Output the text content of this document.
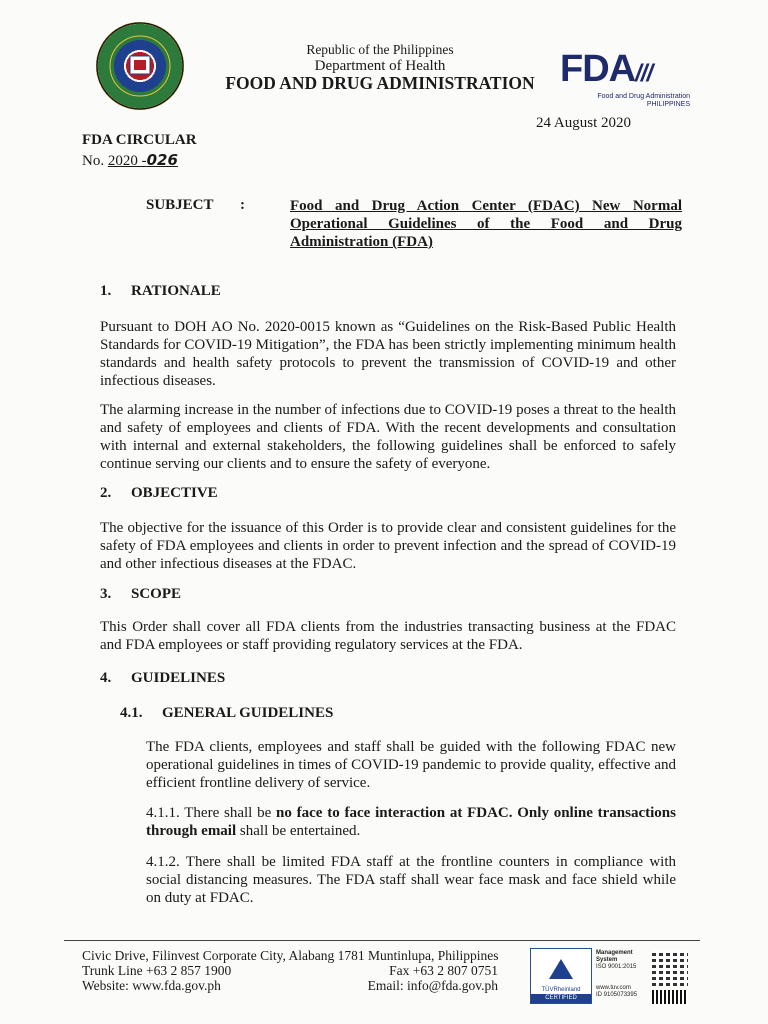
Republic of the Philippines
Department of Health
FOOD AND DRUG ADMINISTRATION FDA///
Food and Drug Administration
PHILIPPINES
24 August 2020
FDA CIRCULAR
No. 2020 -026
SUBJECT :	Food and Drug Action Center (FDAC) New Normal Operational Guidelines of the Food and Drug Administration (FDA)
1. RATIONALE
Pursuant to DOH AO No. 2020-0015 known as “Guidelines on the Risk-Based Public Health Standards for COVID-19 Mitigation”, the FDA has been strictly implementing minimum health standards and health safety protocols to prevent the transmission of COVID-19 and other infectious diseases.
The alarming increase in the number of infections due to COVID-19 poses a threat to the health and safety of employees and clients of FDA. With the recent developments and consultation with internal and external stakeholders, the following guidelines shall be enforced to safely continue serving our clients and to ensure the safety of everyone.
2. OBJECTIVE
The objective for the issuance of this Order is to provide clear and consistent guidelines for the safety of FDA employees and clients in order to prevent infection and the spread of COVID-19 and other infectious diseases at the FDAC.
3. SCOPE
This Order shall cover all FDA clients from the industries transacting business at the FDAC and FDA employees or staff providing regulatory services at the FDA.
4. GUIDELINES
4.1. GENERAL GUIDELINES
The FDA clients, employees and staff shall be guided with the following FDAC new operational guidelines in times of COVID-19 pandemic to provide quality, effective and efficient frontline delivery of service.
4.1.1. There shall be no face to face interaction at FDAC. Only online transactions through email shall be entertained.
4.1.2. There shall be limited FDA staff at the frontline counters in compliance with social distancing measures. The FDA staff shall wear face mask and face shield while on duty at FDAC.
Civic Drive, Filinvest Corporate City, Alabang 1781 Muntinlupa, Philippines
Trunk Line +63 2 857 1900	Fax +63 2 807 0751
Website: www.fda.gov.ph	Email: info@fda.gov.ph	TÜVRheinland
CERTIFIED
Management
System
ISO 9001:2015
www.tuv.com
ID 9105073395
